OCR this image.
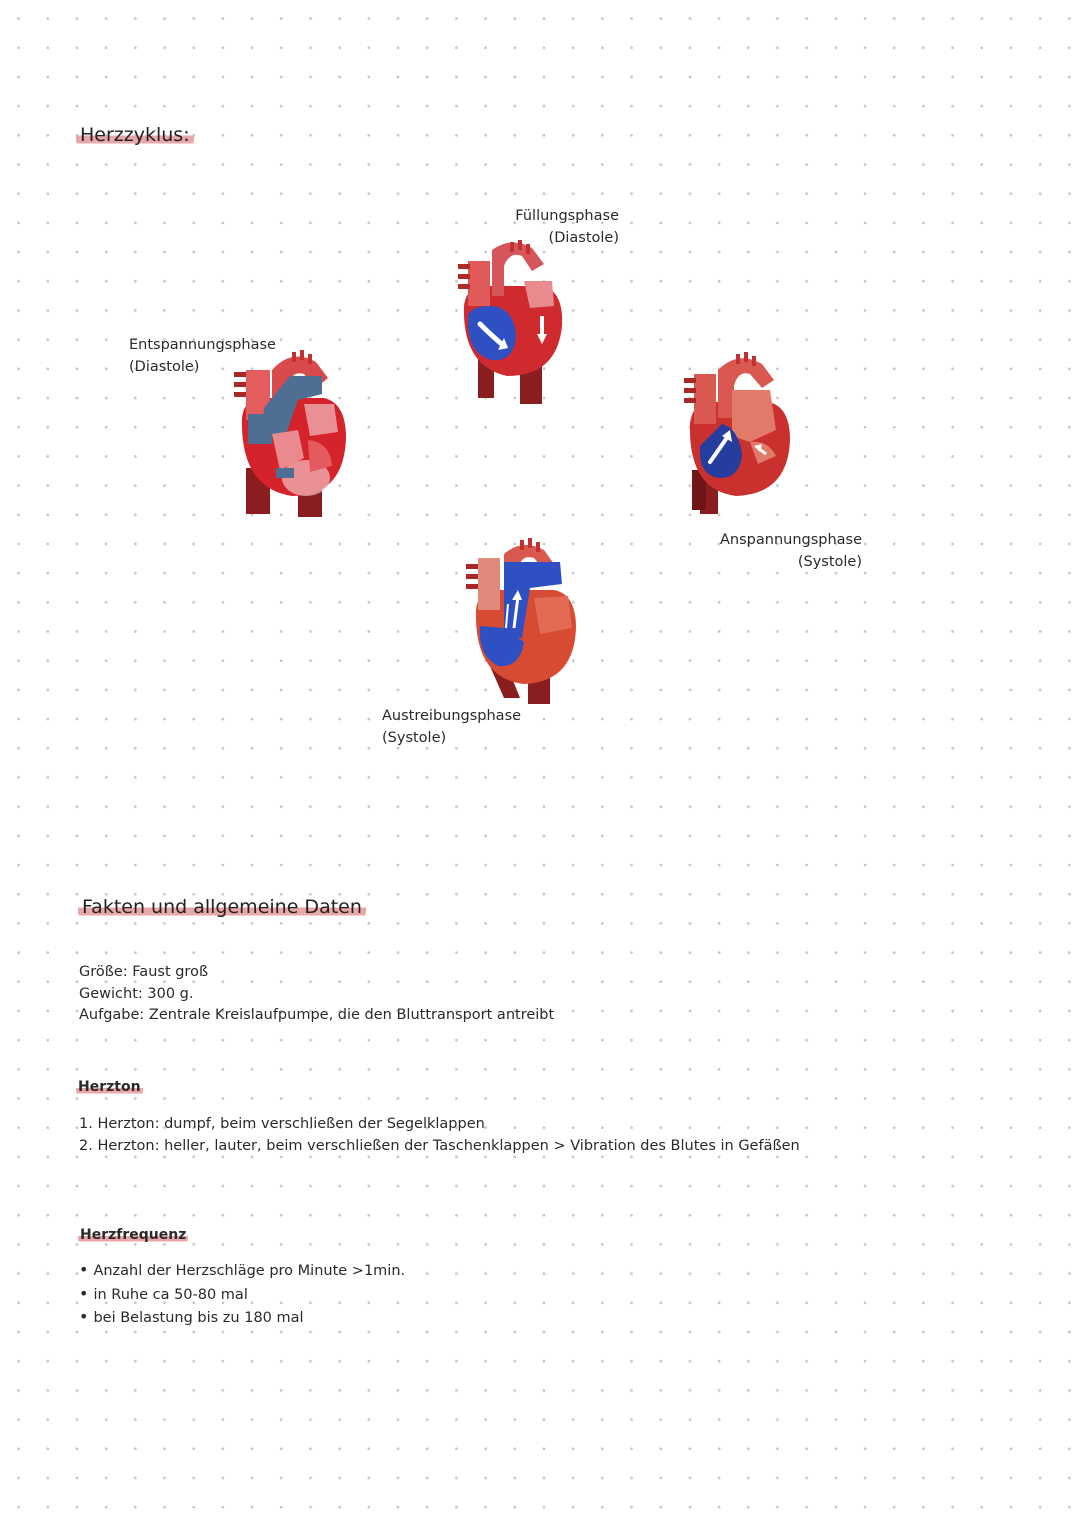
Herzzyklus:
Füllungsphase
(Diastole)
Entspannungsphase
(Diastole)
Anspannungsphase
(Systole)
Austreibungsphase
(Systole)
Fakten und allgemeine Daten
Größe: Faust groß
Gewicht: 300 g.
Aufgabe: Zentrale Kreislaufpumpe, die den Bluttransport antreibt
Herzton
1. Herzton: dumpf, beim verschließen der Segelklappen
2. Herzton: heller, lauter, beim verschließen der Taschenklappen > Vibration des Blutes in Gefäßen
Herzfrequenz
• Anzahl der Herzschläge pro Minute >1min.
• in Ruhe ca 50-80 mal
• bei Belastung bis zu 180 mal
